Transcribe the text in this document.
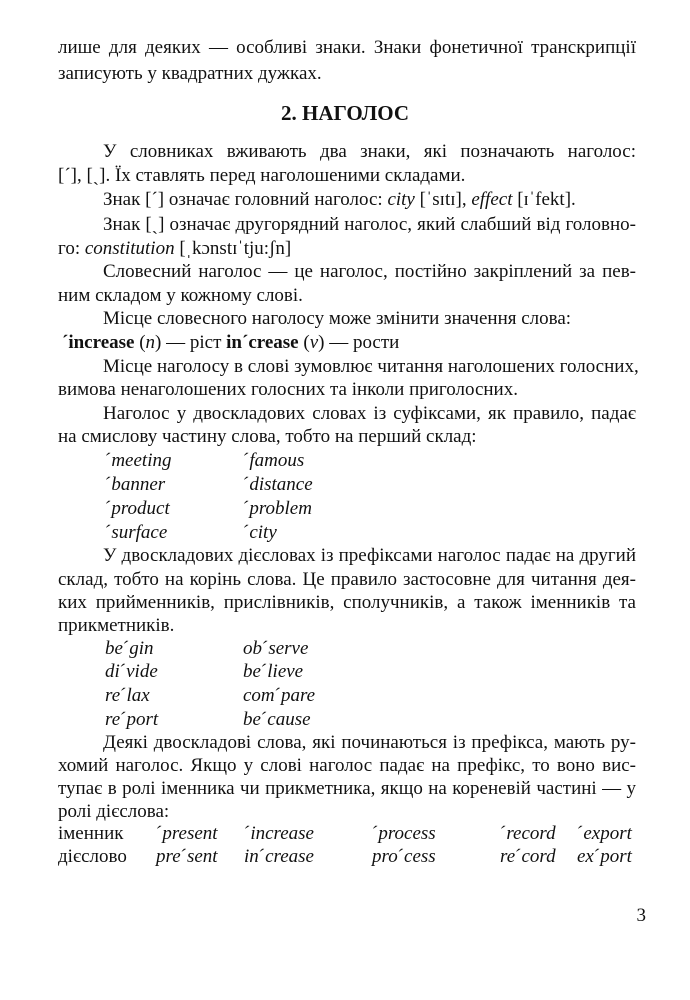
лише для деяких — особливі знаки. Знаки фонетичної транскрипції
записують у квадратних дужках.
2. НАГОЛОС
У словниках вживають два знаки, які позначають наголос:
[ˊ], [ˏ]. Їх ставлять перед наголошеними складами.
Знак [ˊ] означає головний наголос: city [ˈsɪtɪ], effect [ɪˈfekt].
Знак [ˏ] означає другорядний наголос, який слабший від головно-
го: constitution [ˌkɔnstɪˈtju:ʃn]
Словесний наголос — це наголос, постійно закріплений за пев-
ним складом у кожному слові.
Місце словесного наголосу може змінити значення слова:
ˊincrease (n) — ріст inˊcrease (v) — рости
Місце наголосу в слові зумовлює читання наголошених голосних,
вимова ненаголошених голосних та інколи приголосних.
Наголос у двоскладових словах із суфіксами, як правило, падає
на смислову частину слова, тобто на перший склад:
ˊmeeting	ˊfamous
ˊbanner	ˊdistance
ˊproduct	ˊproblem
ˊsurface	ˊcity
У двоскладових дієсловах із префіксами наголос падає на другий
склад, тобто на корінь слова. Це правило застосовне для читання дея-
ких прийменників, прислівників, сполучників, а також іменників та
прикметників.
beˊgin	obˊserve
diˊvide	beˊlieve
reˊlax	comˊpare
reˊport	beˊcause
Деякі двоскладові слова, які починаються із префікса, мають ру-
хомий наголос. Якщо у слові наголос падає на префікс, то воно вис-
тупає в ролі іменника чи прикметника, якщо на кореневій частині — у
ролі дієслова:
іменник ˊpresent ˊincrease	ˊprocess	ˊrecord ˊexport
дієслово preˊsent inˊcrease	proˊcess	reˊcord exˊport
3
